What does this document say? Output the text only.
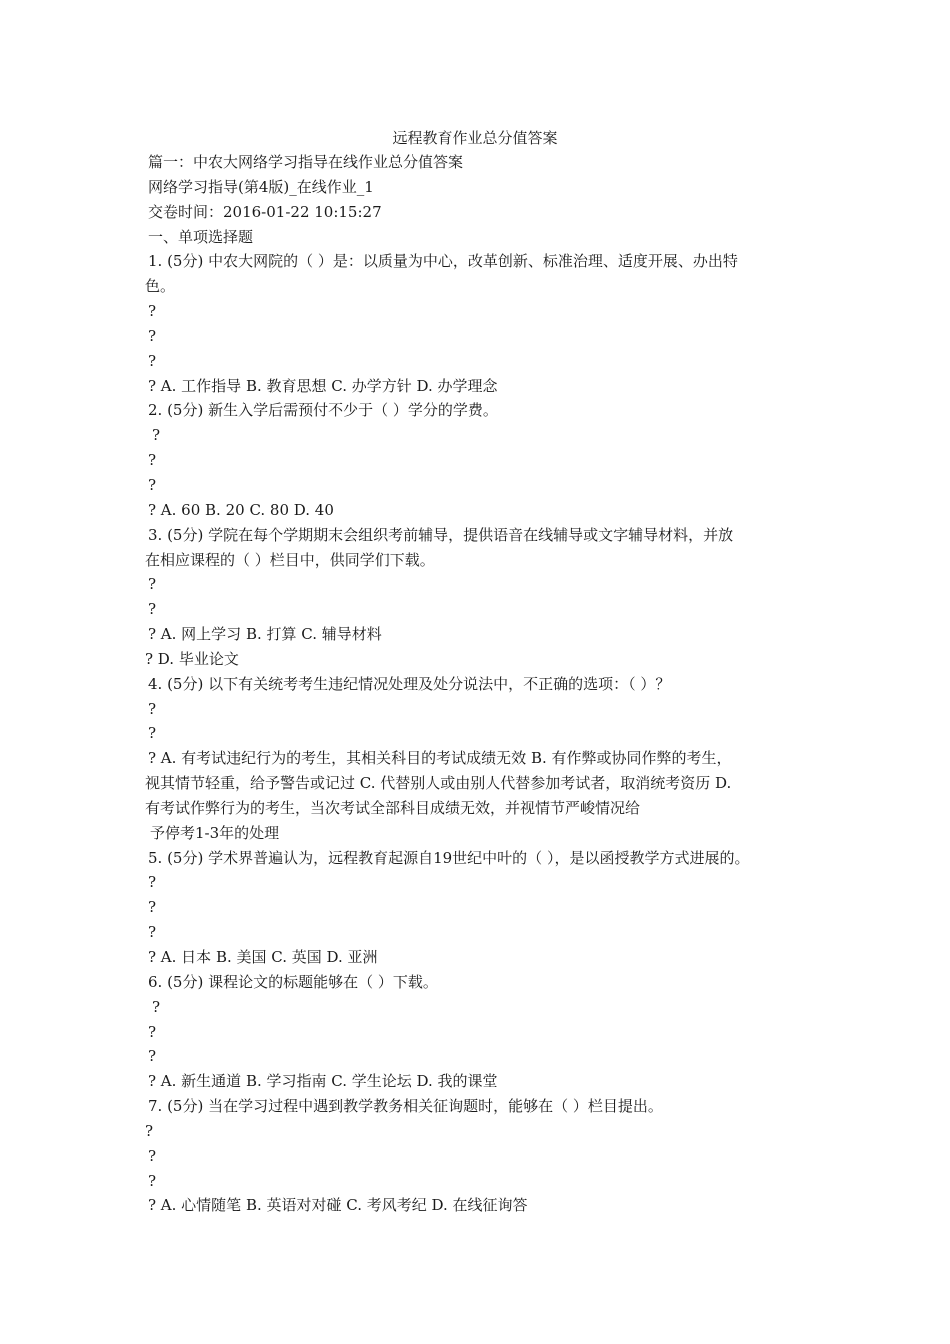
远程教育作业总分值答案
篇一：中农大网络学习指导在线作业总分值答案
网络学习指导(第4版)_在线作业_1
交卷时间：2016-01-22 10:15:27
一、单项选择题
1. (5分) 中农大网院的（ ）是：以质量为中心，改革创新、标准治理、适度开展、办出特
色。
?
?
?
? A. 工作指导 B. 教育思想 C. 办学方针 D. 办学理念
2. (5分) 新生入学后需预付不少于（ ）学分的学费。
?
?
?
? A. 60 B. 20 C. 80 D. 40
3. (5分) 学院在每个学期期末会组织考前辅导，提供语音在线辅导或文字辅导材料，并放
在相应课程的（ ）栏目中，供同学们下载。
?
?
? A. 网上学习 B. 打算 C. 辅导材料
? D. 毕业论文
4. (5分) 以下有关统考考生违纪情况处理及处分说法中，不正确的选项：（ ）？
?
?
? A. 有考试违纪行为的考生，其相关科目的考试成绩无效 B. 有作弊或协同作弊的考生，
视其情节轻重，给予警告或记过 C. 代替别人或由别人代替参加考试者，取消统考资历 D.
有考试作弊行为的考生，当次考试全部科目成绩无效，并视情节严峻情况给
予停考1-3年的处理
5. (5分) 学术界普遍认为，远程教育起源自19世纪中叶的（ ），是以函授教学方式进展的。
?
?
?
? A. 日本 B. 美国 C. 英国 D. 亚洲
6. (5分) 课程论文的标题能够在（ ）下载。
?
?
?
? A. 新生通道 B. 学习指南 C. 学生论坛 D. 我的课堂
7. (5分) 当在学习过程中遇到教学教务相关征询题时，能够在（ ）栏目提出。
?
?
?
? A. 心情随笔 B. 英语对对碰 C. 考风考纪 D. 在线征询答
